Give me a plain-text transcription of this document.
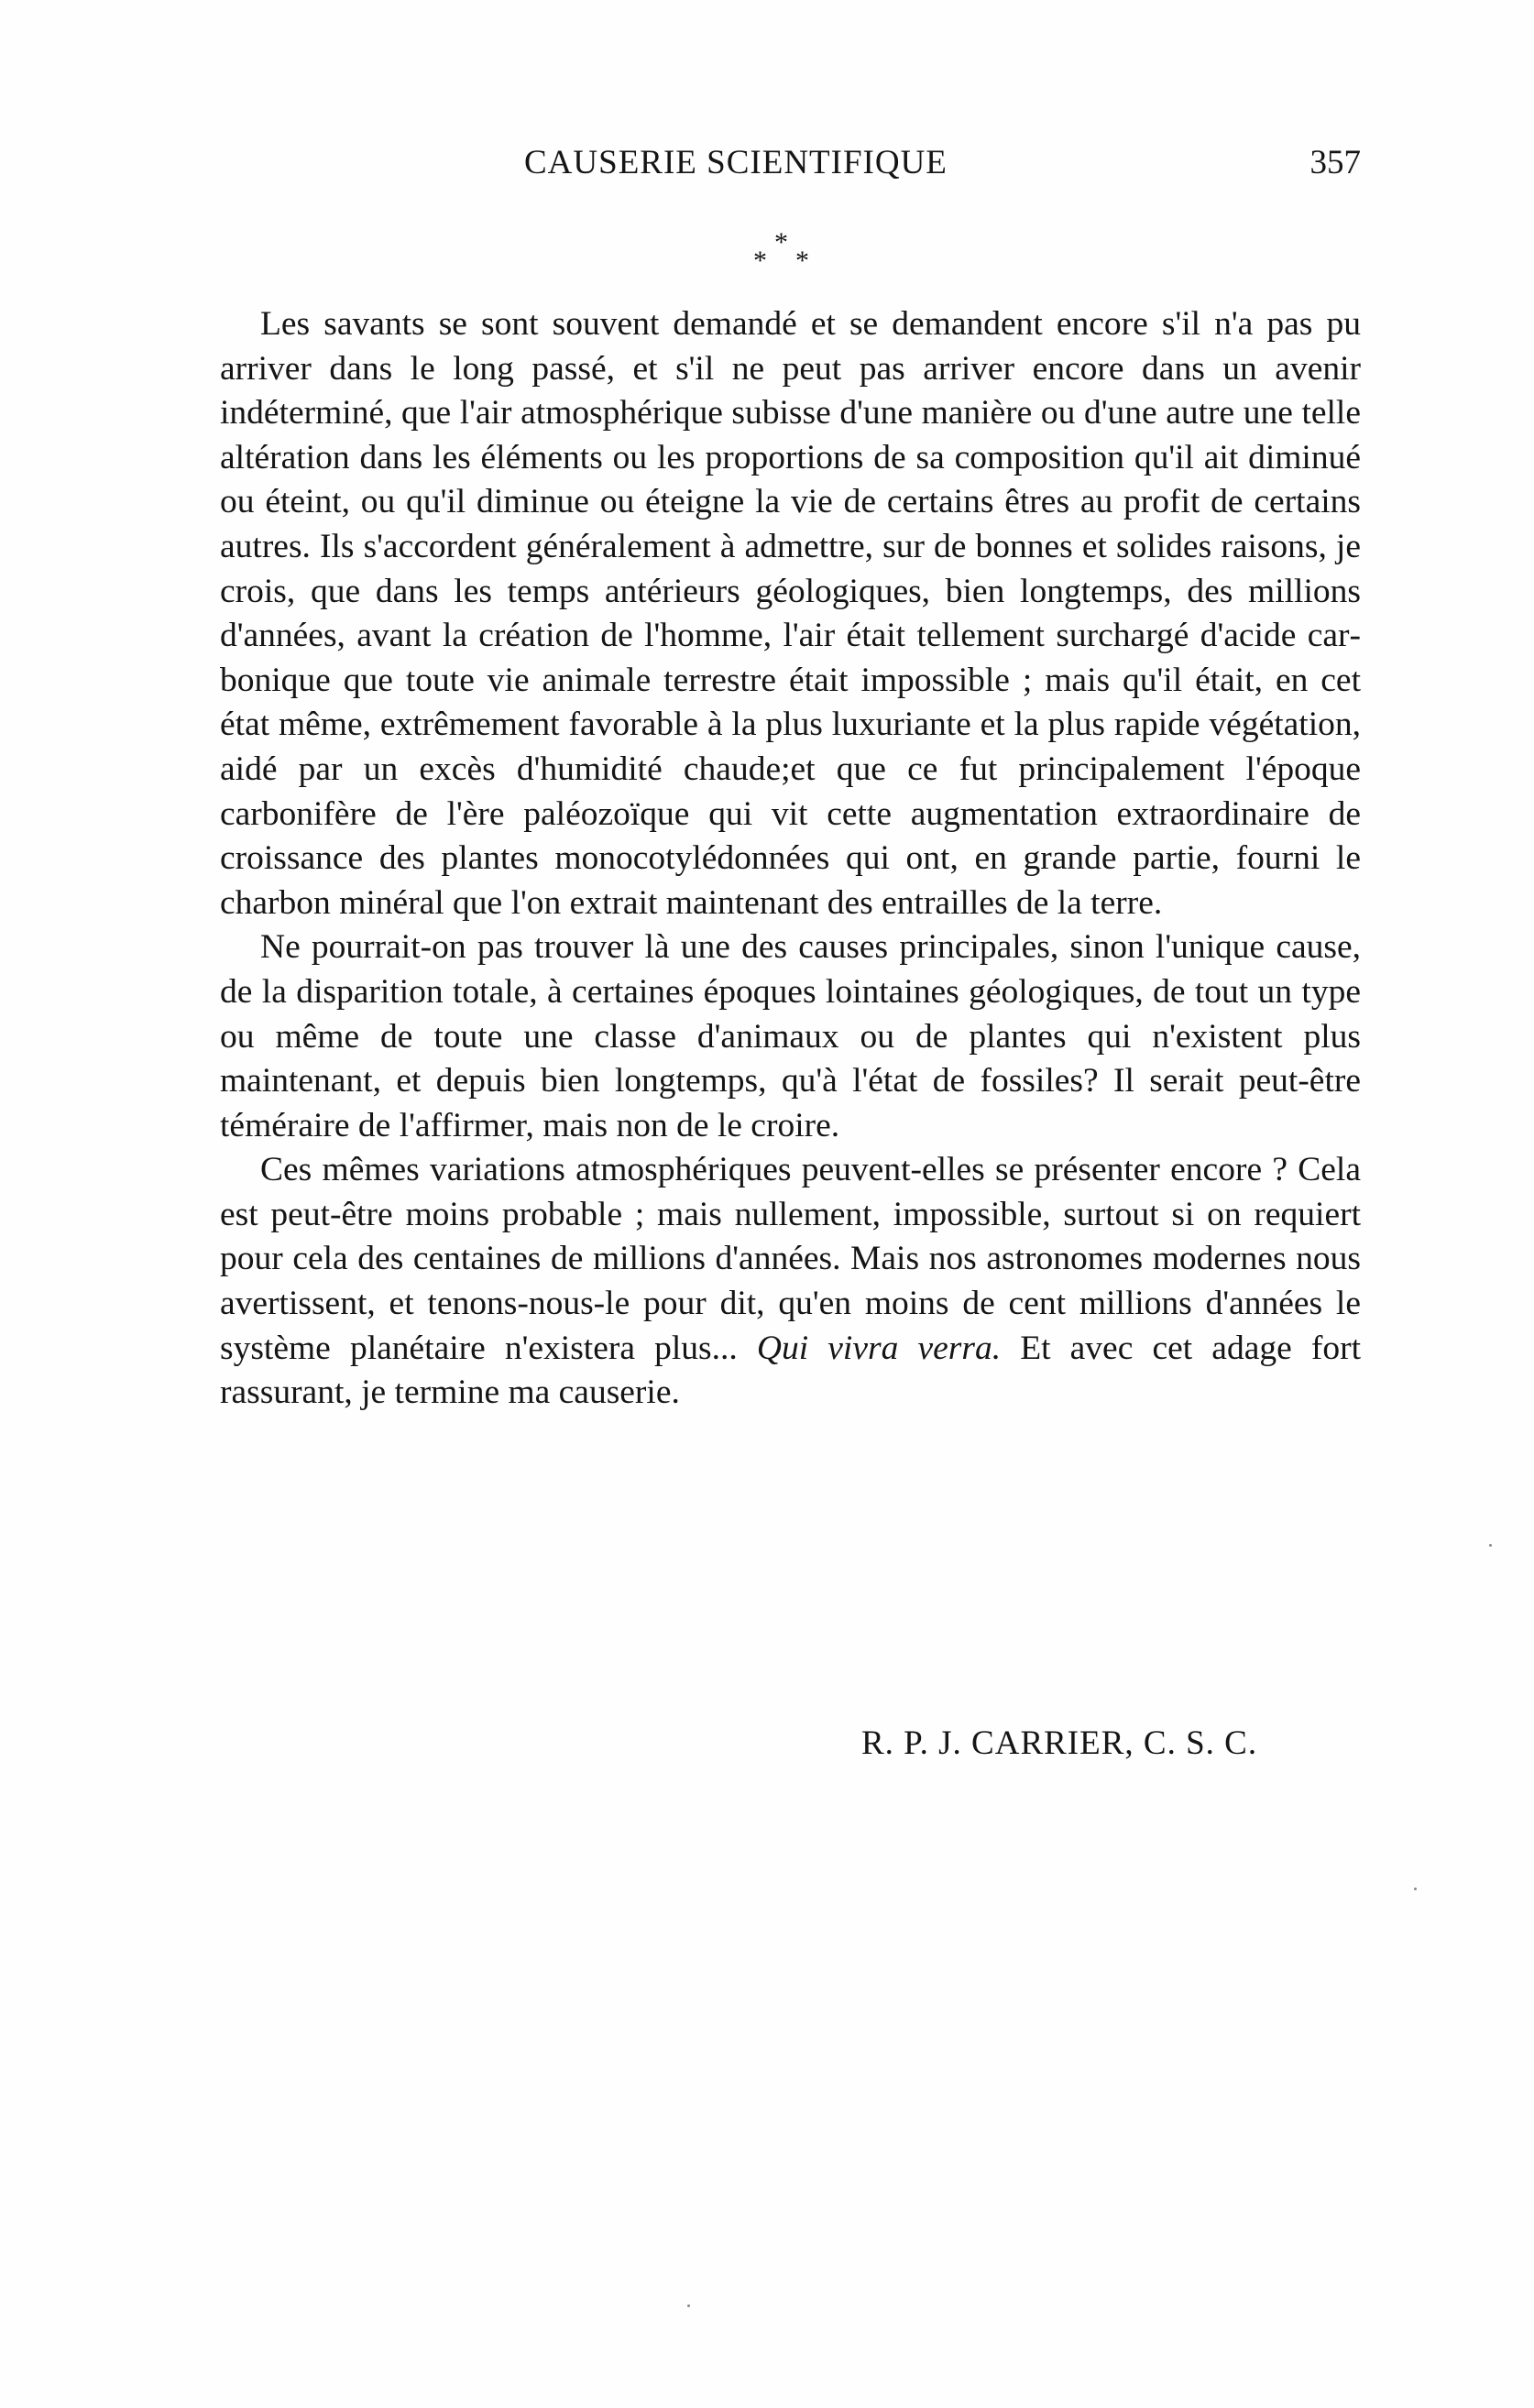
CAUSERIE SCIENTIFIQUE	357
*
* *

Les savants se sont souvent demandé et se demandent encore s'il n'a pas pu arriver dans le long passé, et s'il ne peut pas arriver encore dans un avenir indéterminé, que l'air atmosphérique subisse d'une manière ou d'une autre une telle altération dans les éléments ou les proportions de sa composition qu'il ait diminué ou éteint, ou qu'il diminue ou éteigne la vie de certains êtres au profit de certains autres. Ils s'accordent généralement à admettre, sur de bonnes et solides raisons, je crois, que dans les temps antérieurs géologiques, bien longtemps, des millions d'années, avant la création de l'homme, l'air était tellement surchargé d'acide carbonique que toute vie animale terrestre était impossible ; mais qu'il était, en cet état même, extrêmement favorable à la plus luxuriante et la plus rapide végétation, aidé par un excès d'humidité chaude;et que ce fut principalement l'époque carbonifère de l'ère paléozoïque qui vit cette augmentation extraordinaire de croissance des plantes monocotylédonnées qui ont, en grande partie, fourni le charbon minéral que l'on extrait maintenant des entrailles de la terre.

Ne pourrait-on pas trouver là une des causes principales, sinon l'unique cause, de la disparition totale, à certaines époques lointaines géologiques, de tout un type ou même de toute une classe d'animaux ou de plantes qui n'existent plus maintenant, et depuis bien longtemps, qu'à l'état de fossiles? Il serait peut-être téméraire de l'affirmer, mais non de le croire.

Ces mêmes variations atmosphériques peuvent-elles se présenter encore ? Cela est peut-être moins probable ; mais nullement, impossible, surtout si on requiert pour cela des centaines de millions d'années. Mais nos astronomes modernes nous avertissent, et tenons-nous-le pour dit, qu'en moins de cent millions d'années le système planétaire n'existera plus... Qui vivra verra. Et avec cet adage fort rassurant, je termine ma causerie.

R. P. J. CARRIER, C. S. C.
